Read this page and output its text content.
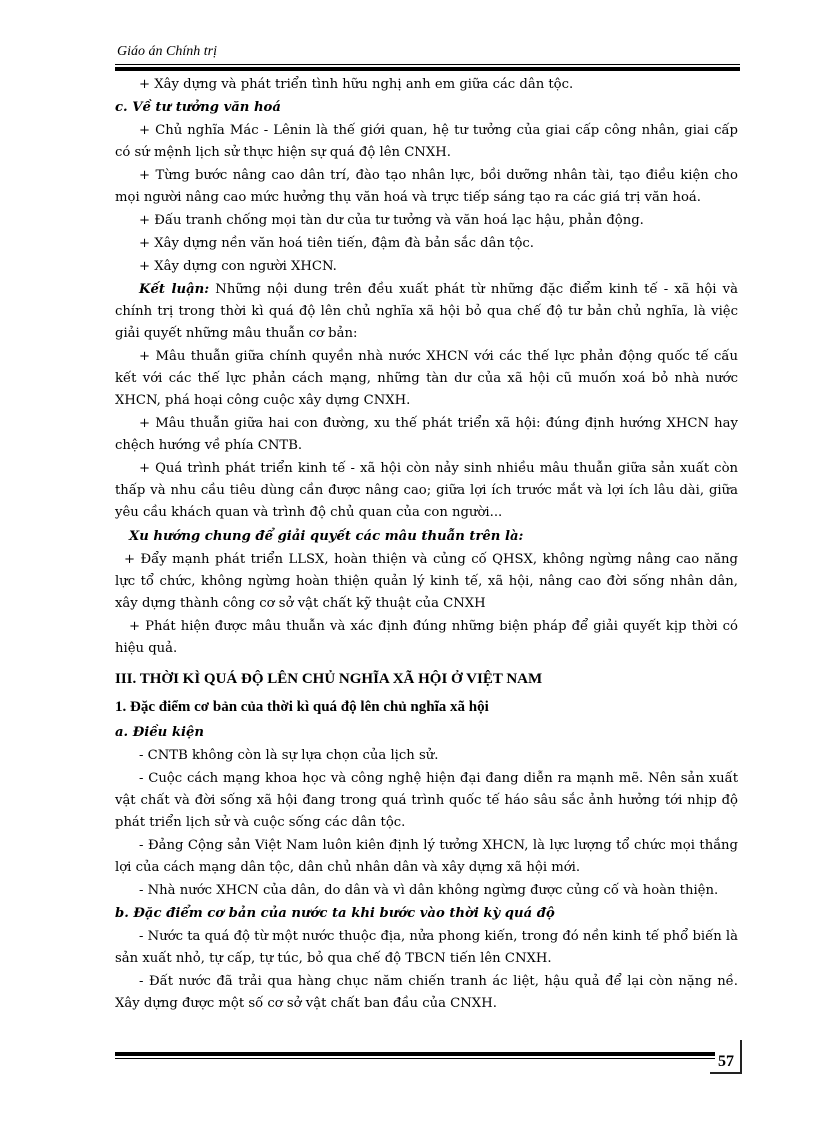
Giáo án Chính trị

+ Xây dựng và phát triển tình hữu nghị anh em giữa các dân tộc.

c. Về tư tưởng văn hoá

+ Chủ nghĩa Mác - Lênin là thế giới quan, hệ tư tưởng của giai cấp công nhân, giai cấp có sứ mệnh lịch sử thực hiện sự quá độ lên CNXH.

+ Từng bước nâng cao dân trí, đào tạo nhân lực, bồi dưỡng nhân tài, tạo điều kiện cho mọi người nâng cao mức hưởng thụ văn hoá và trực tiếp sáng tạo ra các giá trị văn hoá.

+ Đấu tranh chống mọi tàn dư của tư tưởng và văn hoá lạc hậu, phản động.

+ Xây dựng nền văn hoá tiên tiến, đậm đà bản sắc dân tộc.

+ Xây dựng con người XHCN.

Kết luận: Những nội dung trên đều xuất phát từ những đặc điểm kinh tế - xã hội và chính trị trong thời kì quá độ lên chủ nghĩa xã hội bỏ qua chế độ tư bản chủ nghĩa, là việc giải quyết những mâu thuẫn cơ bản:

+ Mâu thuẫn giữa chính quyền nhà nước XHCN với các thế lực phản động quốc tế cấu kết với các thế lực phản cách mạng, những tàn dư của xã hội cũ muốn xoá bỏ nhà nước XHCN, phá hoại công cuộc xây dựng CNXH.

+ Mâu thuẫn giữa hai con đường, xu thế phát triển xã hội: đúng định hướng XHCN hay chệch hướng về phía CNTB.

+ Quá trình phát triển kinh tế - xã hội còn nảy sinh nhiều mâu thuẫn giữa sản xuất còn thấp và nhu cầu tiêu dùng cần được nâng cao; giữa lợi ích trước mắt và lợi ích lâu dài, giữa yêu cầu khách quan và trình độ chủ quan của con người...

Xu hướng chung để giải quyết các mâu thuẫn trên là:

+ Đẩy mạnh phát triển LLSX, hoàn thiện và củng cố QHSX, không ngừng nâng cao năng lực tổ chức, không ngừng hoàn thiện quản lý kinh tế, xã hội, nâng cao đời sống nhân dân, xây dựng thành công cơ sở vật chất kỹ thuật của CNXH

+ Phát hiện được mâu thuẫn và xác định đúng những biện pháp để giải quyết kịp thời có hiệu quả.

III. THỜI KÌ QUÁ ĐỘ LÊN CHỦ NGHĨA XÃ HỘI Ở VIỆT NAM

1. Đặc điểm cơ bản của thời kì quá độ lên chủ nghĩa xã hội

a. Điều kiện

- CNTB không còn là sự lựa chọn của lịch sử.

- Cuộc cách mạng khoa học và công nghệ hiện đại đang diễn ra mạnh mẽ. Nên sản xuất vật chất và đời sống xã hội đang trong quá trình quốc tế háo sâu sắc ảnh hưởng tới nhịp độ phát triển lịch sử và cuộc sống các dân tộc.

- Đảng Cộng sản Việt Nam luôn kiên định lý tưởng XHCN, là lực lượng tổ chức mọi thắng lợi của cách mạng dân tộc, dân chủ nhân dân và xây dựng xã hội mới.

- Nhà nước XHCN của dân, do dân và vì dân không ngừng được củng cố và hoàn thiện.

b. Đặc điểm cơ bản của nước ta khi bước vào thời kỳ quá độ

- Nước ta quá độ từ một nước thuộc địa, nửa phong kiến, trong đó nền kinh tế phổ biến là sản xuất nhỏ, tự cấp, tự túc, bỏ qua chế độ TBCN tiến lên CNXH.

- Đất nước đã trải qua hàng chục năm chiến tranh ác liệt, hậu quả để lại còn nặng nề. Xây dựng được một số cơ sở vật chất ban đầu của CNXH.

57
